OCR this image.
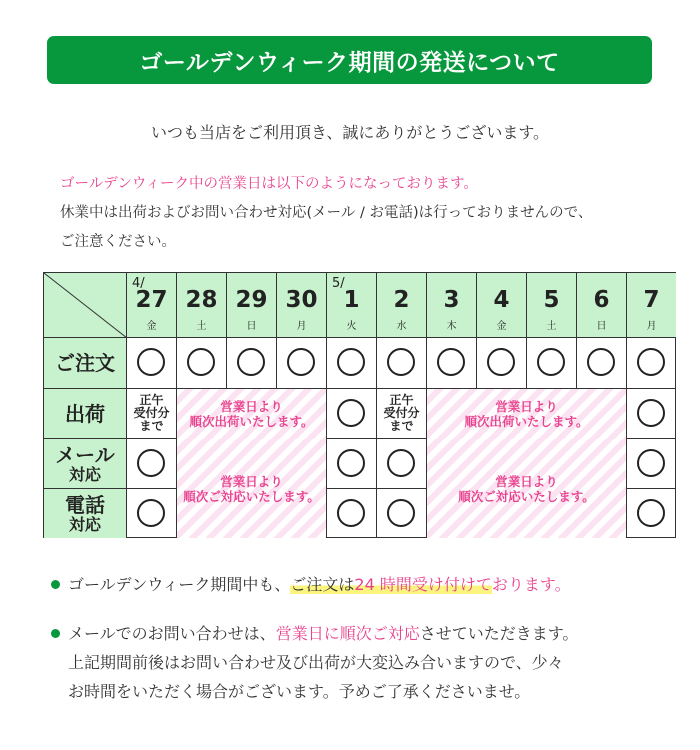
ゴールデンウィーク期間の発送について
いつも当店をご利用頂き、誠にありがとうございます。
ゴールデンウィーク中の営業日は以下のようになっております。
休業中は出荷およびお問い合わせ対応(メール / お電話)は行っておりませんので、
ご注意ください。
ご注文
出荷
メール
対応
電話
対応
4/
27
金
28
土
29
日
30
月
5/
1
火
2
水
3
木
4
金
5
土
6
日
7
月
正午
受付分
まで
営業日より
順次出荷いたします。
正午
受付分
まで
営業日より
順次出荷いたします。
営業日より
順次ご対応いたします。
営業日より
順次ご対応いたします。
ゴールデンウィーク期間中も、ご注文は24 時間受け付けております。
メールでのお問い合わせは、営業日に順次ご対応させていただきます。
上記期間前後はお問い合わせ及び出荷が大変込み合いますので、少々
お時間をいただく場合がございます。予めご了承くださいませ。
